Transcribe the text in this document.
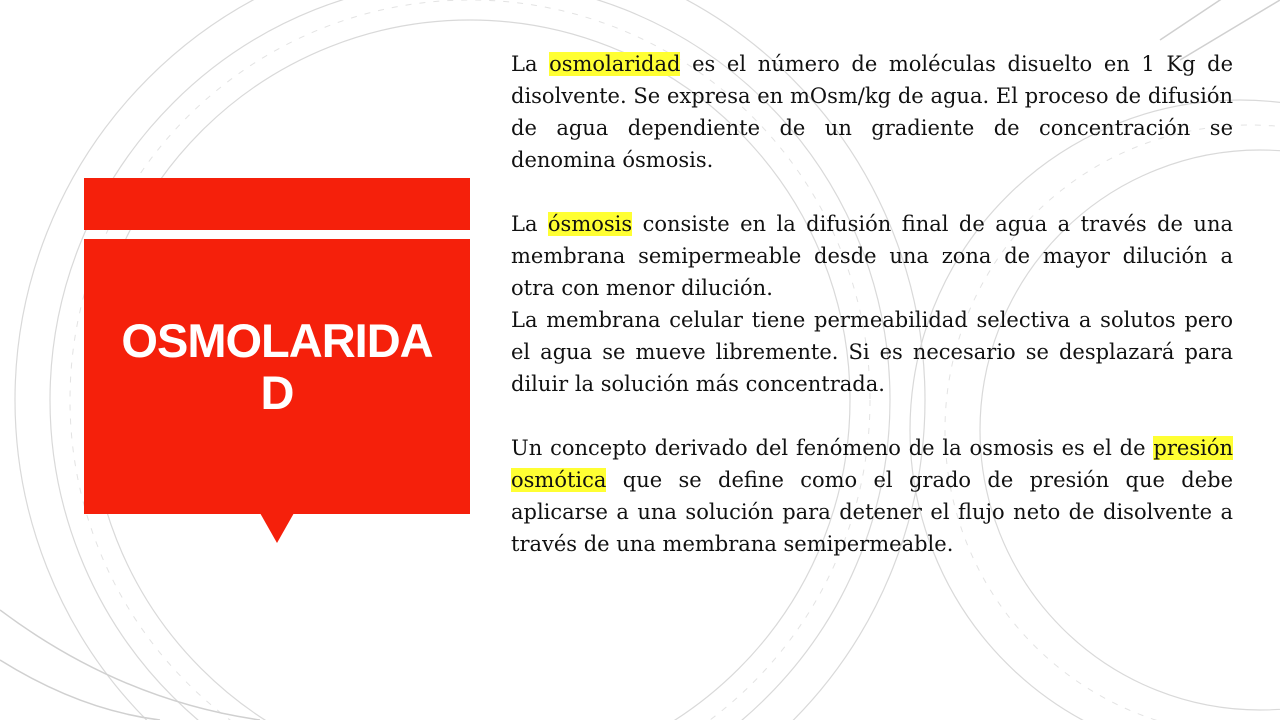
OSMOLARIDAD

La osmolaridad es el número de moléculas disuelto en 1 Kg de disolvente. Se expresa en mOsm/kg de agua. El proceso de difusión de agua dependiente de un gradiente de concentración se denomina ósmosis.

La ósmosis consiste en la difusión final de agua a través de una membrana semipermeable desde una zona de mayor dilución a otra con menor dilución.

La membrana celular tiene permeabilidad selectiva a solutos pero el agua se mueve libremente. Si es necesario se desplazará para diluir la solución más concentrada.

Un concepto derivado del fenómeno de la osmosis es el de presión osmótica que se define como el grado de presión que debe aplicarse a una solución para detener el flujo neto de disolvente a través de una membrana semipermeable.
